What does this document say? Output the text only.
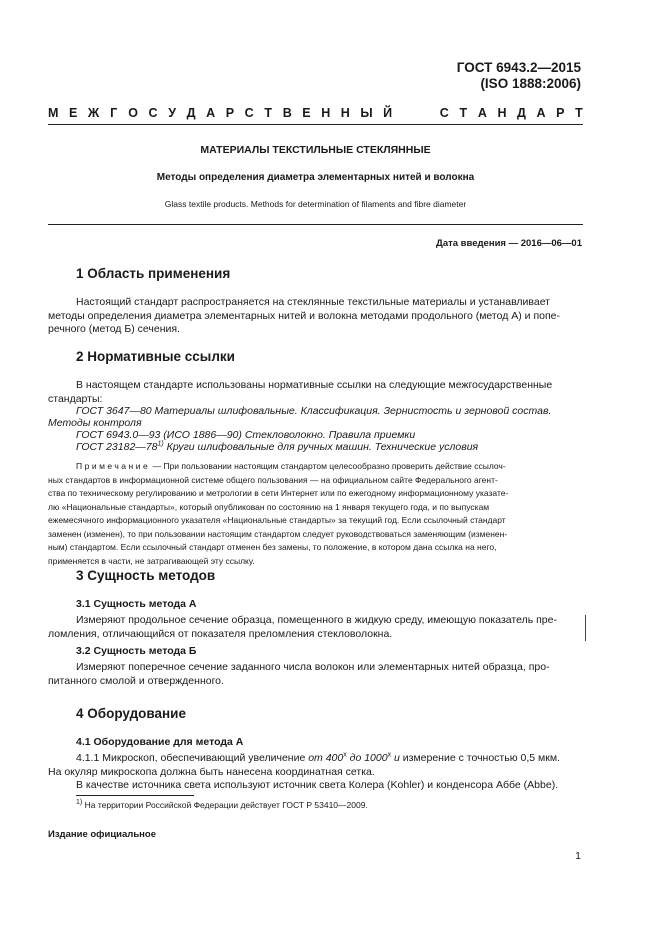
ГОСТ 6943.2—2015
(ISO 1888:2006)
М Е Ж Г О С У Д А Р С Т В Е Н Н Ы Й	С Т А Н Д А Р Т
МАТЕРИАЛЫ ТЕКСТИЛЬНЫЕ СТЕКЛЯННЫЕ
Методы определения диаметра элементарных нитей и волокна
Glass textile products. Methods for determination of filaments and fibre diameter
Дата введения — 2016—06—01
1 Область применения
Настоящий стандарт распространяется на стеклянные текстильные материалы и устанавливает
методы определения диаметра элементарных нитей и волокна методами продольного (метод А) и попе-
речного (метод Б) сечения.
2 Нормативные ссылки
В настоящем стандарте использованы нормативные ссылки на следующие межгосударственные
стандарты:
ГОСТ 3647—80 Материалы шлифовальные. Классификация. Зернистость и зерновой состав.
Методы контроля
ГОСТ 6943.0—93 (ИСО 1886—90) Стекловолокно. Правила приемки
ГОСТ 23182—78$^{1)}$ Круги шлифовальные для ручных машин. Технические условия
Примечание — При пользовании настоящим стандартом целесообразно проверить действие ссылоч-
ных стандартов в информационной системе общего пользования — на официальном сайте Федерального агент-
ства по техническому регулированию и метрологии в сети Интернет или по ежегодному информационному указате-
лю «Национальные стандарты», который опубликован по состоянию на 1 января текущего года, и по выпускам
ежемесячного информационного указателя «Национальные стандарты» за текущий год. Если ссылочный стандарт
заменен (изменен), то при пользовании настоящим стандартом следует руководствоваться заменяющим (изменен-
ным) стандартом. Если ссылочный стандарт отменен без замены, то положение, в котором дана ссылка на него,
применяется в части, не затрагивающей эту ссылку.
3 Сущность методов
3.1 Сущность метода А
Измеряют продольное сечение образца, помещенного в жидкую среду, имеющую показатель пре-
ломления, отличающийся от показателя преломления стекловолокна.
3.2 Сущность метода Б
Измеряют поперечное сечение заданного числа волокон или элементарных нитей образца, про-
питанного смолой и отвержденного.
4 Оборудование
4.1 Оборудование для метода А
4.1.1 Микроскоп, обеспечивающий увеличение от $400^х$ до $1000^х$ и измерение с точностью 0,5 мкм.
На окуляр микроскопа должна быть нанесена координатная сетка.
В качестве источника света используют источник света Колера (Kohler) и конденсора Аббе (Abbe).
$^{1)}$ На территории Российской Федерации действует ГОСТ Р 53410—2009.
Издание официальное
1
